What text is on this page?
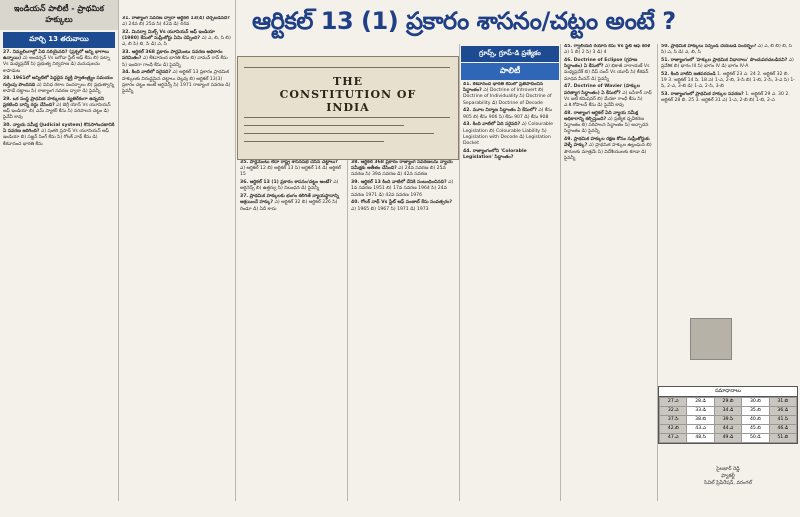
ఇండియన్ పాలిటీ - ప్రాథమిక హక్కులు
మార్చి 13 తరువాయి

27. నిమ్నలింగాల్లో ఏది సరియైనది? (ప్రశ్నలో అన్ని భాగాలు ఉన్నాయి) ఎ) ఆండర్సన్ Vs బరోడా స్టేట్ ఆఫ్ కేసు బి) పట్నా Vs మధ్యప్రదేశ్ సి) ప్రభుత్వ నిర్వహణ డి) మనుషులను కాపాడుట

28. 1961లో అన్నిటిలో పెద్దదైన వ్యక్తి స్వాతంత్ర్యం సమయం గుర్తింపు పొందినది ఎ) వివిధ రకాల సందర్భాలు బి) ప్రభుత్వాన్ని కాపాడే చట్టాలు సి) రాజ్యాంగ సవరణ ద్వారా డి) పైవన్నీ

29. ఒక సంస్థ ప్రాధమిక హక్కులకు వ్యతిరేకంగా ఉన్నదని ప్రకటించి దాన్ని రద్దు చేసింది? ఎ) బెర్రీ యోన్ Vs యూనియన్ ఆఫ్ ఇండియా బి) ఎమ్ ప్యాకర్ కేసు సి) పరిపాలన చట్టం డి) పైవేవీ కావు

30. న్యాయ సమీక్ష (Judicial system) కొనసాగించటానికి ఏ సవరణ జరిగింది? ఎ) షంకరి ప్రసాద్ Vs యూనియన్ ఆఫ్ ఇండియా బి) సజ్జన్ సింగ్ కేసు సి) గోలక్ నాథ్ కేసు డి) కేశవానంద భారతి కేసు

31. రాజ్యాంగ సవరణ ద్వారా ఆర్టికల్ 13(4) చేర్చబడినది? ఎ) 24వ బి) 25వ సి) 42వ డి) 44వ

32. మినర్వా మిల్స్ Vs యూనియన్ ఆఫ్ ఇండియా (1980) కేసులో సుప్రీంకోర్టు ఏమి చెప్పింది? ఎ) ఎ, బి, సి బి) ఎ, బి సి) బి, సి డి) ఎ, సి

33. ఆర్టికల్ 368 ప్రకారం పార్లమెంటు సవరణ అధికారం పరిమితం? ఎ) కేశవానంద భారతి కేసు బి) వామన్ రావ్ కేసు సి) ఇందిరా గాంధీ కేసు డి) పైవన్నీ

34. కింది వాటిలో సరైనది? ఎ) ఆర్టికల్ 13 ప్రకారం ప్రాథమిక హక్కులకు విరుద్ధమైన చట్టాలు చెల్లవు బి) ఆర్టికల్ 13(3) ప్రకారం చట్టం అంటే ఆర్డినెన్స్ సి) 1971 రాజ్యాంగ సవరణ డి) పైవన్నీ

ఆర్టికల్ 13 (1) ప్రకారం శాసనం/చట్టం అంటే ?
THE
CONSTITUTION OF INDIA

35. పార్లమెంటు లేదా రాష్ట్ర శాసనసభ చేసిన చట్టాలు? ఎ) ఆర్టికల్ 12 బి) ఆర్టికల్ 13 సి) ఆర్టికల్ 14 డి) ఆర్టికల్ 15

36. ఆర్టికల్ 13 (1) ప్రకారం శాసనం/చట్టం అంటే? ఎ) ఆర్డినెన్స్ బి) ఉత్తర్వు సి) నిబంధన డి) పైవన్నీ

37. ప్రాథమిక హక్కులకు భంగం కలిగితే న్యాయస్థానాన్ని ఆశ్రయించే హక్కు? ఎ) ఆర్టికల్ 32 బి) ఆర్టికల్ 226 సి) రెండూ డి) ఏదీ కాదు

38. ఆర్టికల్ 368 ప్రకారం రాజ్యాంగ సవరణలను న్యాయ సమీక్షకు అతీతం చేసింది? ఎ) 24వ సవరణ బి) 25వ సవరణ సి) 39వ సవరణ డి) 42వ సవరణ

39. ఆర్టికల్ 13 కింది వాటిలో దేనికి సంబంధించినది? ఎ) 1వ సవరణ 1951 బి) 17వ సవరణ 1964 సి) 24వ సవరణ 1971 డి) 42వ సవరణ 1976

40. గోలక్ నాథ్ Vs స్టేట్ ఆఫ్ పంజాబ్ కేసు సంవత్సరం? ఎ) 1965 బి) 1967 సి) 1971 డి) 1973

గ్రూప్స్, గ్రూప్-డి ప్రత్యేకం
పాలిటీ

41. కేశవానంద భారతి కేసులో ప్రతిపాదించిన సిద్ధాంతం? ఎ) Doctrine of Introvert బి) Doctrine of Individuality సి) Doctrine of Separability డి) Doctrine of Decode

42. మూల నిర్మాణ సిద్ధాంతం ఏ కేసులో? ఎ) కేసు 905 బి) కేసు 906 సి) కేసు 907 డి) కేసు 908

43. కింది వాటిలో ఏది సరైనది? ఎ) Colourable Legislation బి) Colourable Liability సి) Legislation with Decode డి) Legislation Docket

44. రాజ్యాంగంలోని 'Colorable Legislation' సిద్ధాంతం?

45. గ్వాలియర్ రేయాన్ కేసు Vs స్టేట్ ఆఫ్ కేరళ ఎ) 1 బి) 2 సి) 3 డి) 4

46. Doctrine of Eclipse (గ్రహణ సిద్ధాంతం) ఏ కేసులో? ఎ) భికాజీ నారాయణ్ Vs మధ్యప్రదేశ్ బి) దీప్ చంద్ Vs యూపీ సి) కేశవన్ మాధవ మీనన్ డి) పైవన్నీ

47. Doctrine of Wavier (హక్కుల పరిత్యాగ సిద్ధాంతం) ఏ కేసులో? ఎ) బసేశార్ నాథ్ Vs ఐటీ కమిషనర్ బి) మేనకా గాంధీ కేసు సి) ఎ.కె.గోపాలన్ కేసు డి) పైవేవీ కావు

48. రాజ్యాంగ ఆర్టికల్ ఏది న్యాయ సమీక్ష అధికారాన్ని కల్పిస్తుంది? ఎ) ప్రత్యేక ధృవీకరణ సిద్ధాంతం బి) పరిపాలన సిద్ధాంతం సి) ఆచ్ఛాదన సిద్ధాంతం డి) పైవన్నీ

49. ప్రాథమిక హక్కుల రక్షణ కోసం సుప్రీంకోర్టుకు వెళ్ళే హక్కు? ఎ) ప్రాథమిక హక్కుల ఉల్లంఘన బి) పౌరులకు మాత్రమే సి) విదేశీయులకు కూడా డి) పైవన్నీ

50. ప్రాథమిక హక్కులు సస్పెండ్ చేయబడే సందర్భం? ఎ) ఎ, బి బి) బి, సి సి) ఎ, సి డి) ఎ, బి, సి

51. రాజ్యాంగంలో 'హక్కుల ప్రాథమిక విధానాలు' పొందుపరచబడినవి? ఎ) ప్రవేశిక బి) భాగం III సి) భాగం IV డి) భాగం IV-A

52. కింది వాటిని జతపరచండి 1. ఆర్టికల్ 23 ఎ. 24 2. ఆర్టికల్ 32 బి. 19 3. ఆర్టికల్ 14 సి. 18 ఎ) 1-ఎ, 2-బి, 3-సి బి) 1-బి, 2-సి, 3-ఎ సి) 1-సి, 2-ఎ, 3-బి డి) 1-ఎ, 2-సి, 3-బి

53. రాజ్యాంగంలో ప్రాథమిక హక్కుల సవరణ? 1. ఆర్టికల్ 29 ఎ. 30 2. ఆర్టికల్ 28 బి. 25 3. ఆర్టికల్ 31 ఎ) 1-ఎ, 2-బి బి) 1-బి, 2-ఎ

సమాధానాలు
27.ఎ	28.డి	29.బి	30.బి	31.బి
32.ఎ	33.డి	34.డి	35.బి	36.డి
37.సి	38.బి	39.సి	40.బి	41.సి
42.బి	43.ఎ	44.ఎ	45.బి	46.డి
47.ఎ	48.సి	49.డి	50.డి	51.బి
సైలజార్ రెడ్డి
ఫ్యాకల్టీ
సివిల్ ప్రిపేరేషన్, వరంగల్
